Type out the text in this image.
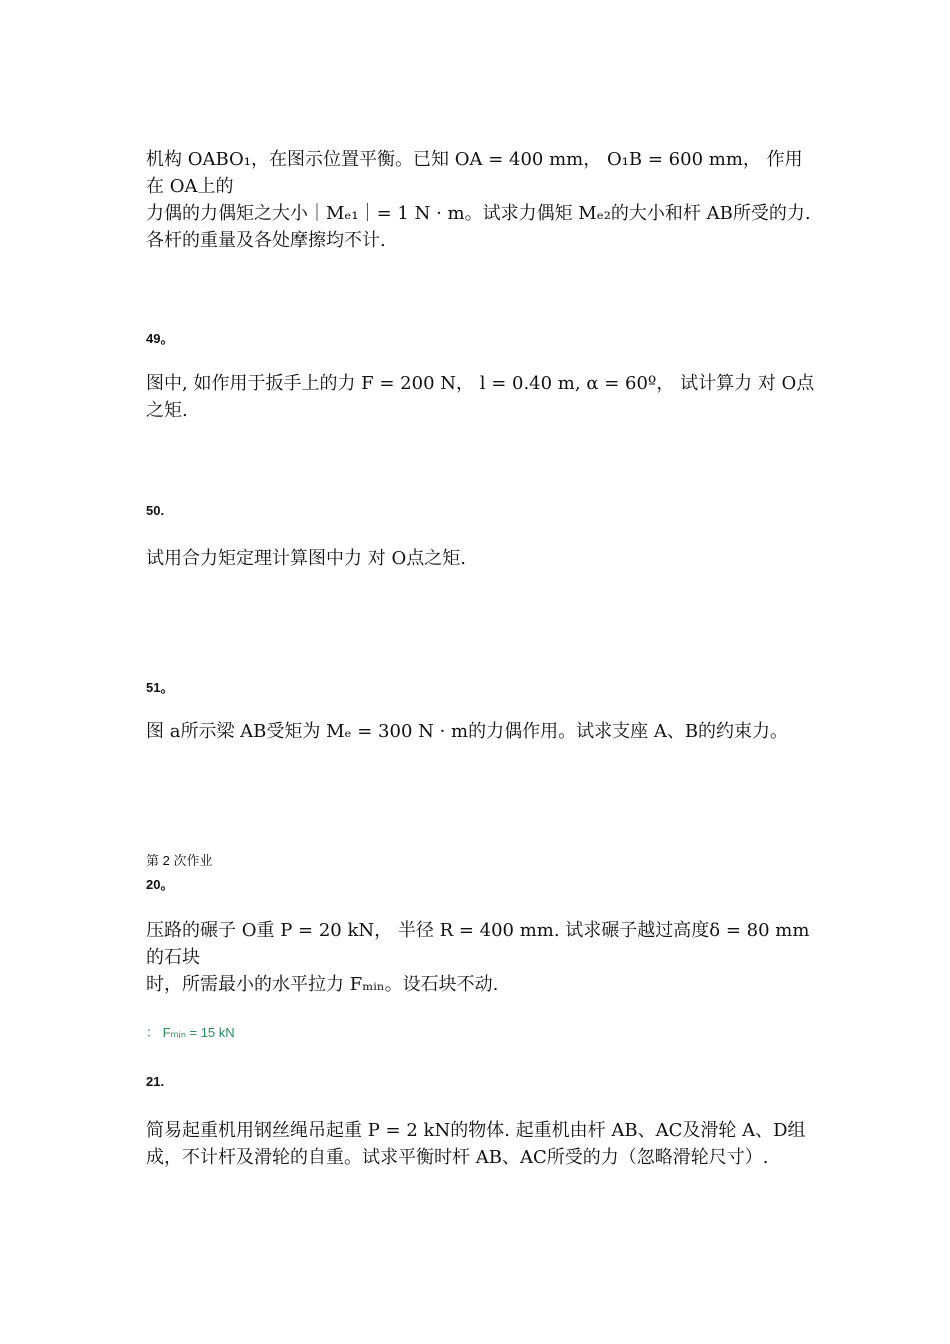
机构 OABO₁，在图示位置平衡。已知 OA = 400 mm， O₁B = 600 mm， 作用在 OA上的
力偶的力偶矩之大小｜Mₑ₁｜= 1 N · m。试求力偶矩 Mₑ₂的大小和杆 AB所受的力.
各杆的重量及各处摩擦均不计.
49。
图中, 如作用于扳手上的力 F = 200 N， l = 0.40 m, α = 60º， 试计算力 对 O点之矩.
50.
试用合力矩定理计算图中力 对 O点之矩.
51。
图 a所示梁 AB受矩为 Mₑ = 300 N · m的力偶作用。试求支座 A、B的约束力。
第 2 次作业
20。
压路的碾子 O重 P = 20 kN， 半径 R = 400 mm. 试求碾子越过高度δ = 80 mm的石块
时，所需最小的水平拉力 Fₘᵢₙ。设石块不动.
： Fₘᵢₙ = 15 kN
21.
简易起重机用钢丝绳吊起重 P = 2 kN的物体. 起重机由杆 AB、AC及滑轮 A、D组
成，不计杆及滑轮的自重。试求平衡时杆 AB、AC所受的力（忽略滑轮尺寸）.
